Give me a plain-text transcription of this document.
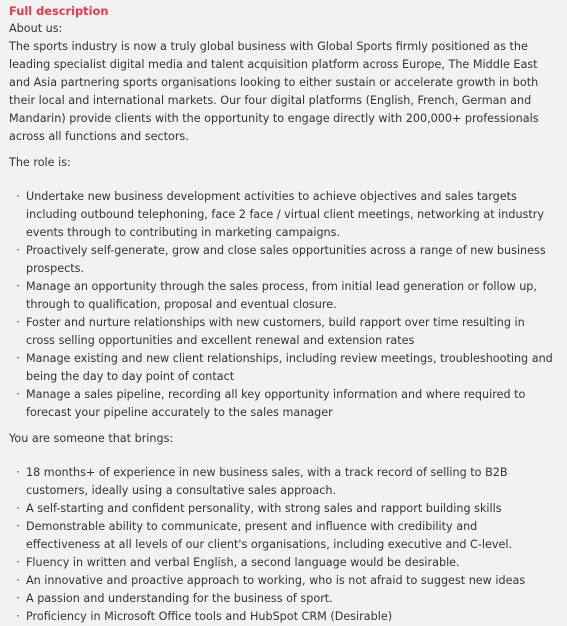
Full description
About us:
The sports industry is now a truly global business with Global Sports firmly positioned as the leading specialist digital media and talent acquisition platform across Europe, The Middle East and Asia partnering sports organisations looking to either sustain or accelerate growth in both their local and international markets. Our four digital platforms (English, French, German and Mandarin) provide clients with the opportunity to engage directly with 200,000+ professionals across all functions and sectors.
The role is:
· Undertake new business development activities to achieve objectives and sales targets including outbound telephoning, face 2 face / virtual client meetings, networking at industry events through to contributing in marketing campaigns.
· Proactively self-generate, grow and close sales opportunities across a range of new business prospects.
· Manage an opportunity through the sales process, from initial lead generation or follow up, through to qualification, proposal and eventual closure.
· Foster and nurture relationships with new customers, build rapport over time resulting in cross selling opportunities and excellent renewal and extension rates
· Manage existing and new client relationships, including review meetings, troubleshooting and being the day to day point of contact
· Manage a sales pipeline, recording all key opportunity information and where required to forecast your pipeline accurately to the sales manager
You are someone that brings:
· 18 months+ of experience in new business sales, with a track record of selling to B2B customers, ideally using a consultative sales approach.
· A self-starting and confident personality, with strong sales and rapport building skills
· Demonstrable ability to communicate, present and influence with credibility and effectiveness at all levels of our client's organisations, including executive and C-level.
· Fluency in written and verbal English, a second language would be desirable.
· An innovative and proactive approach to working, who is not afraid to suggest new ideas
· A passion and understanding for the business of sport.
· Proficiency in Microsoft Office tools and HubSpot CRM (Desirable)
